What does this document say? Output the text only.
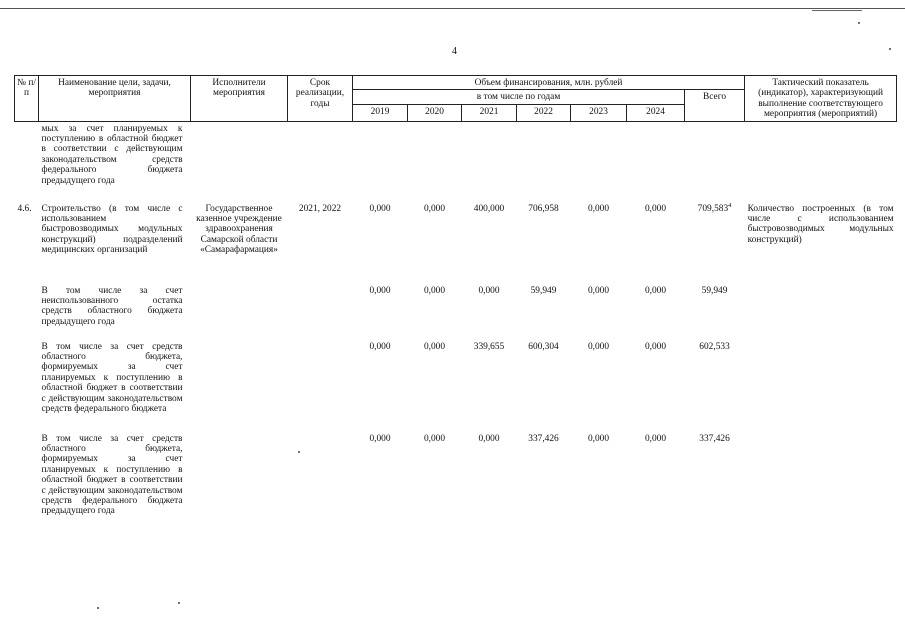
4
№ п/п	Наименование цели, задачи, мероприятия	Исполнители мероприятия	Срок реализации, годы	Объем финансирования, млн. рублей							Тактический показатель (индикатор), характеризующий выполнение соответствующего мероприятия (мероприятий)
				в том числе по годам						Всего	
				2019	2020	2021	2022	2023	2024		
	мых за счет планируемых к поступлению в областной бюджет в соответствии с действующим законодательством средств федерального бюджета предыдущего года										

4.6.	Строительство (в том числе с использованием быстровозводимых модульных конструкций) подразделений медицинских организаций	Государственное казенное учреждение здравоохранения Самарской области «Самарафармация»	2021, 2022	0,000	0,000	400,000	706,958	0,000	0,000	709,583$^4$	Количество построенных (в том числе с использованием быстровозводимых модульных конструкций)
	В том числе за счет неиспользованного остатка средств областного бюджета предыдущего года			0,000	0,000	0,000	59,949	0,000	0,000	59,949	
	В том числе за счет средств областного бюджета, формируемых за счет планируемых к поступлению в областной бюджет в соответствии с действующим законодательством средств федерального бюджета			0,000	0,000	339,655	600,304	0,000	0,000	602,533	
	В том числе за счет средств областного бюджета, формируемых за счет планируемых к поступлению в областной бюджет в соответствии с действующим законодательством средств федерального бюджета предыдущего года			0,000	0,000	0,000	337,426	0,000	0,000	337,426	
